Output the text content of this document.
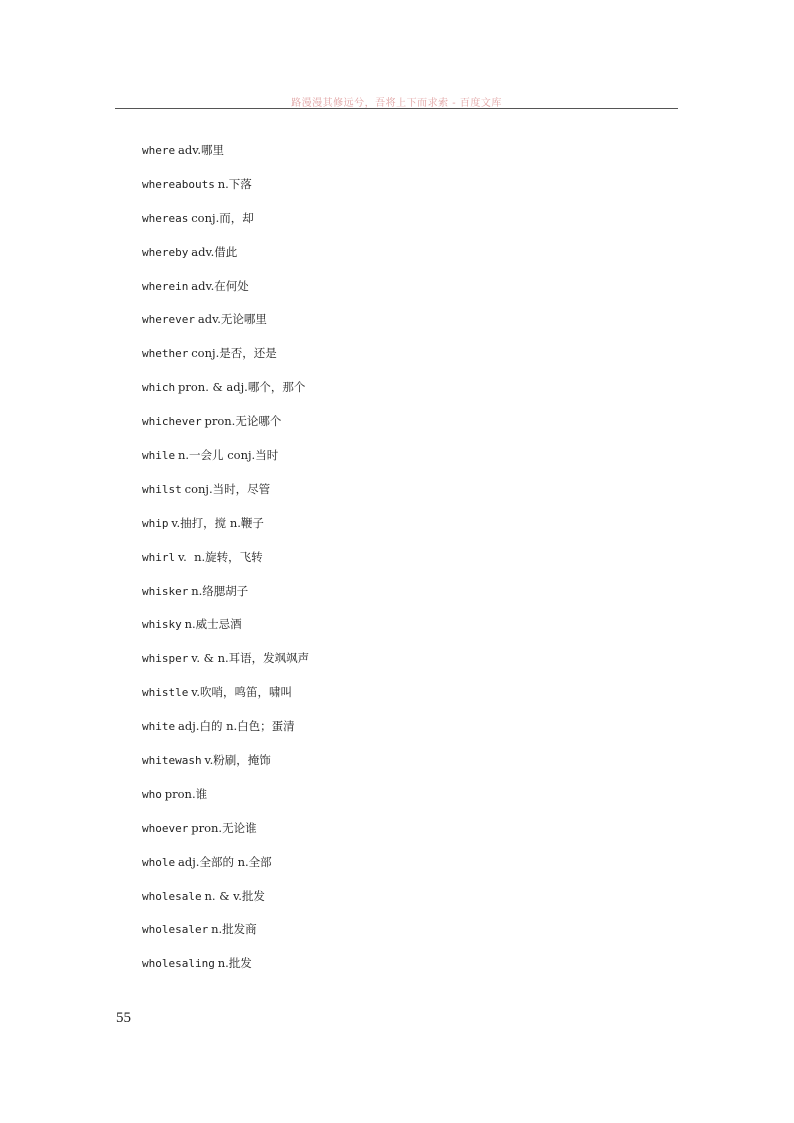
路漫漫其修远兮，吾将上下而求索 - 百度文库
where adv.哪里
whereabouts n.下落
whereas conj.而，却
whereby adv.借此
wherein adv.在何处
wherever adv.无论哪里
whether conj.是否，还是
which pron. & adj.哪个，那个
whichever pron.无论哪个
while n.一会儿 conj.当时
whilst conj.当时，尽管
whip v.抽打，搅 n.鞭子
whirl v.  n.旋转，飞转
whisker n.络腮胡子
whisky n.威士忌酒
whisper v. & n.耳语，发飒飒声
whistle v.吹哨，鸣笛，啸叫
white adj.白的 n.白色；蛋清
whitewash v.粉刷，掩饰
who pron.谁
whoever pron.无论谁
whole adj.全部的 n.全部
wholesale n. & v.批发
wholesaler n.批发商
wholesaling n.批发
55
